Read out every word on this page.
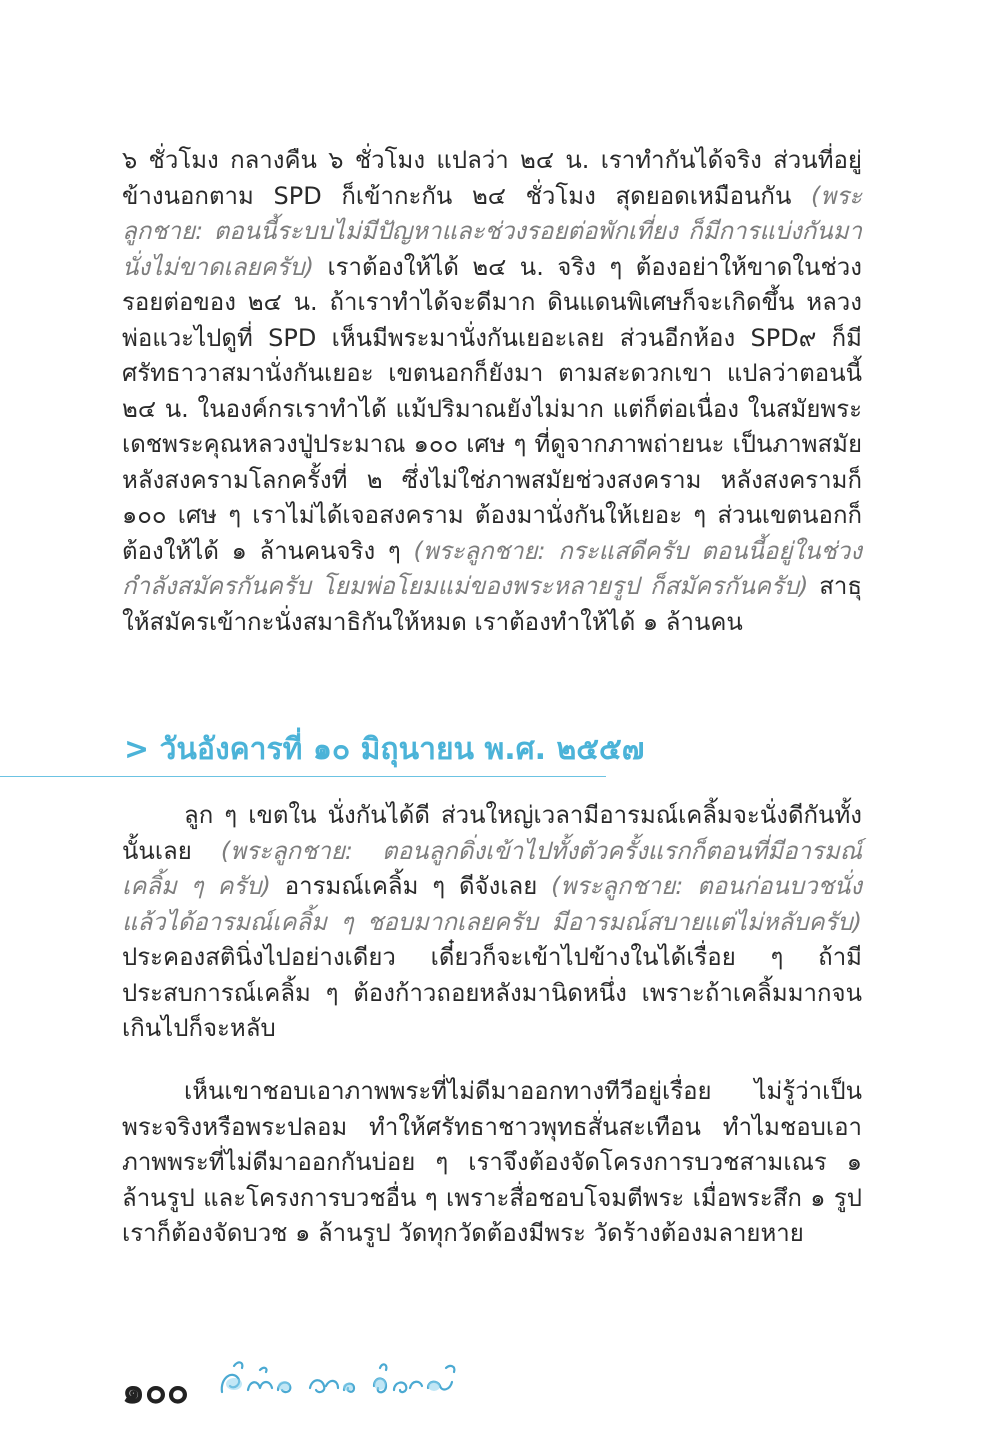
๖ ชั่วโมง กลางคืน ๖ ชั่วโมง แปลว่า ๒๔ น. เราทำกันได้จริง ส่วนที่อยู่ข้างนอกตาม SPD ก็เข้ากะกัน ๒๔ ชั่วโมง สุดยอดเหมือนกัน (พระลูกชาย: ตอนนี้ระบบไม่มีปัญหาและช่วงรอยต่อพักเที่ยง ก็มีการแบ่งกันมานั่งไม่ขาดเลยครับ) เราต้องให้ได้ ๒๔ น. จริง ๆ ต้องอย่าให้ขาดในช่วงรอยต่อของ ๒๔ น. ถ้าเราทำได้จะดีมาก ดินแดนพิเศษก็จะเกิดขึ้น หลวงพ่อแวะไปดูที่ SPD เห็นมีพระมานั่งกันเยอะเลย ส่วนอีกห้อง SPD๙ ก็มีศรัทธาวาสมานั่งกันเยอะ เขตนอกก็ยังมา ตามสะดวกเขา แปลว่าตอนนี้ ๒๔ น. ในองค์กรเราทำได้ แม้ปริมาณยังไม่มาก แต่ก็ต่อเนื่อง ในสมัยพระเดชพระคุณหลวงปู่ประมาณ ๑๐๐ เศษ ๆ ที่ดูจากภาพถ่ายนะ เป็นภาพสมัยหลังสงครามโลกครั้งที่ ๒ ซึ่งไม่ใช่ภาพสมัยช่วงสงคราม หลังสงครามก็ ๑๐๐ เศษ ๆ เราไม่ได้เจอสงคราม ต้องมานั่งกันให้เยอะ ๆ ส่วนเขตนอกก็ต้องให้ได้ ๑ ล้านคนจริง ๆ (พระลูกชาย: กระแสดีครับ ตอนนี้อยู่ในช่วงกำลังสมัครกันครับ โยมพ่อโยมแม่ของพระหลายรูป ก็สมัครกันครับ) สาธุให้สมัครเข้ากะนั่งสมาธิกันให้หมด เราต้องทำให้ได้ ๑ ล้านคน
> วันอังคารที่ ๑๐ มิถุนายน พ.ศ. ๒๕๕๗
ลูก ๆ เขตใน นั่งกันได้ดี ส่วนใหญ่เวลามีอารมณ์เคลิ้มจะนั่งดีกันทั้งนั้นเลย (พระลูกชาย: ตอนลูกดิ่งเข้าไปทั้งตัวครั้งแรกก็ตอนที่มีอารมณ์เคลิ้ม ๆ ครับ) อารมณ์เคลิ้ม ๆ ดีจังเลย (พระลูกชาย: ตอนก่อนบวชนั่งแล้วได้อารมณ์เคลิ้ม ๆ ชอบมากเลยครับ มีอารมณ์สบายแต่ไม่หลับครับ) ประคองสตินิ่งไปอย่างเดียว เดี๋ยวก็จะเข้าไปข้างในได้เรื่อย ๆ ถ้ามีประสบการณ์เคลิ้ม ๆ ต้องก้าวถอยหลังมานิดหนึ่ง เพราะถ้าเคลิ้มมากจนเกินไปก็จะหลับ
เห็นเขาชอบเอาภาพพระที่ไม่ดีมาออกทางทีวีอยู่เรื่อย ไม่รู้ว่าเป็นพระจริงหรือพระปลอม ทำให้ศรัทธาชาวพุทธสั่นสะเทือน ทำไมชอบเอาภาพพระที่ไม่ดีมาออกกันบ่อย ๆ เราจึงต้องจัดโครงการบวชสามเณร ๑ ล้านรูป และโครงการบวชอื่น ๆ เพราะสื่อชอบโจมตีพระ เมื่อพระสึก ๑ รูป เราก็ต้องจัดบวช ๑ ล้านรูป วัดทุกวัดต้องมีพระ วัดร้างต้องมลายหาย
๑๐๐
